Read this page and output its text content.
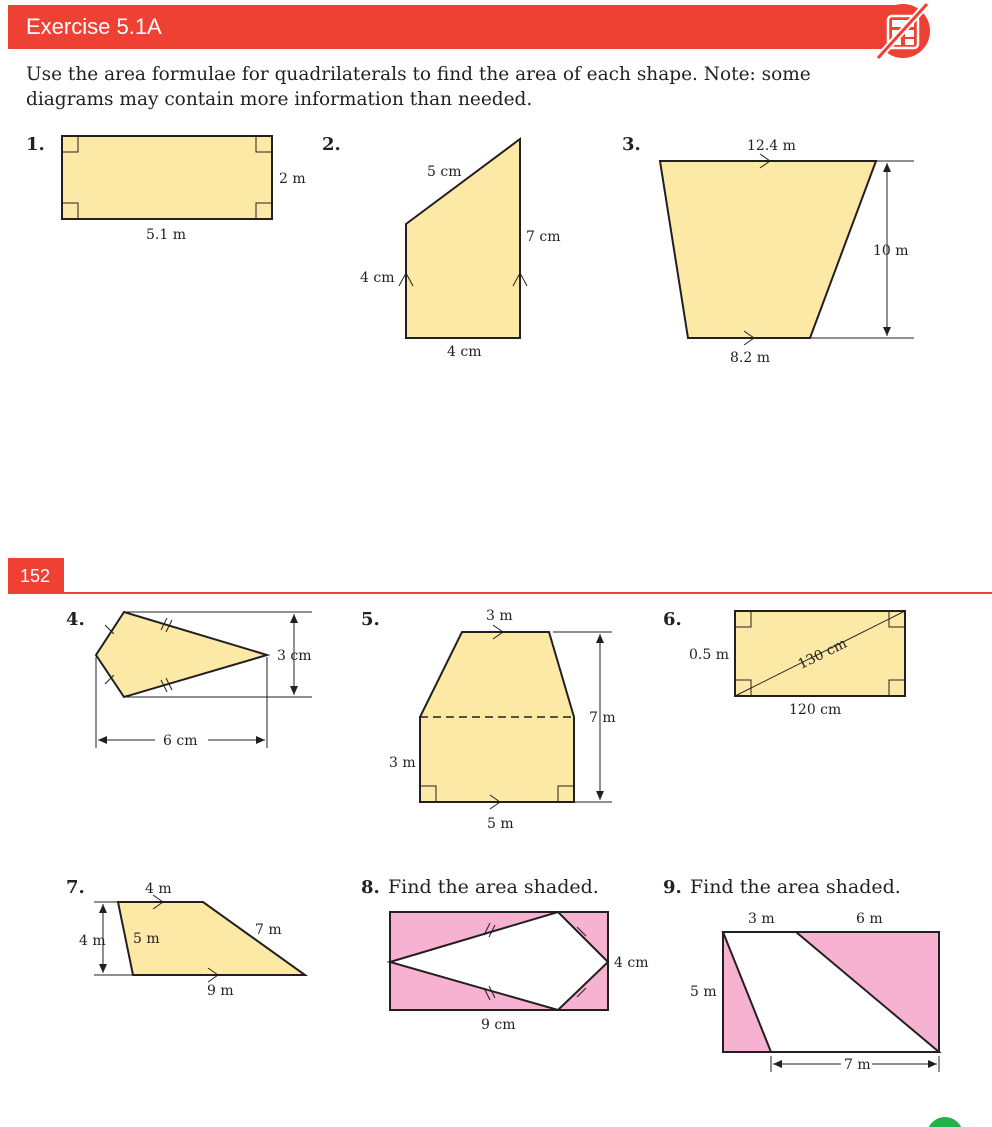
Exercise 5.1A
Use the area formulae for quadrilaterals to find the area of each shape. Note: some diagrams may contain more information than needed.
152
1.
2 m
5.1 m
2.
5 cm
7 cm
4 cm
4 cm
3.	12.4 m
10 m
8.2 m
4.
3 cm
6 cm
5.	3 m
7 m
3 m
5 m
6.
0.5 m	130 cm
120 cm
7.	4 m
4 m 5 m
7 m
9 m
8. Find the area shaded.
4 cm
9 cm
9. Find the area shaded.
3 m	6 m
5 m
7 m
